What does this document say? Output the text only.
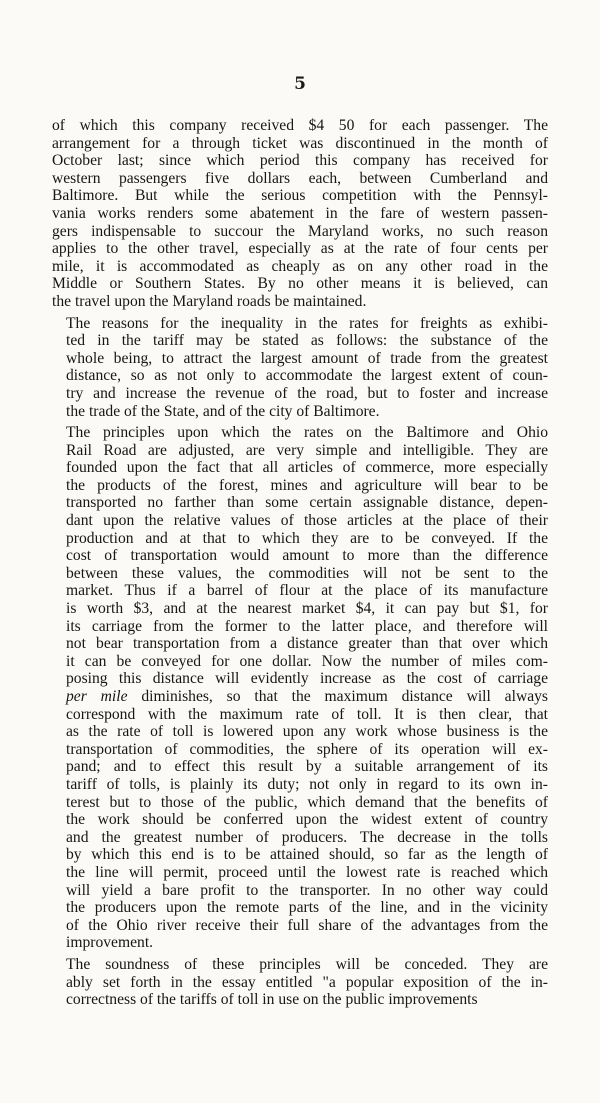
5

of which this company received $4 50 for each passenger. The
arrangement for a through ticket was discontinued in the month of
October last; since which period this company has received for
western passengers five dollars each, between Cumberland and
Baltimore. But while the serious competition with the Pennsyl-
vania works renders some abatement in the fare of western passen-
gers indispensable to succour the Maryland works, no such reason
applies to the other travel, especially as at the rate of four cents per
mile, it is accommodated as cheaply as on any other road in the
Middle or Southern States. By no other means it is believed, can
the travel upon the Maryland roads be maintained.

The reasons for the inequality in the rates for freights as exhibi-
ted in the tariff may be stated as follows: the substance of the
whole being, to attract the largest amount of trade from the greatest
distance, so as not only to accommodate the largest extent of coun-
try and increase the revenue of the road, but to foster and increase
the trade of the State, and of the city of Baltimore.

The principles upon which the rates on the Baltimore and Ohio
Rail Road are adjusted, are very simple and intelligible. They are
founded upon the fact that all articles of commerce, more especially
the products of the forest, mines and agriculture will bear to be
transported no farther than some certain assignable distance, depen-
dant upon the relative values of those articles at the place of their
production and at that to which they are to be conveyed. If the
cost of transportation would amount to more than the difference
between these values, the commodities will not be sent to the
market. Thus if a barrel of flour at the place of its manufacture
is worth $3, and at the nearest market $4, it can pay but $1, for
its carriage from the former to the latter place, and therefore will
not bear transportation from a distance greater than that over which
it can be conveyed for one dollar. Now the number of miles com-
posing this distance will evidently increase as the cost of carriage
per mile diminishes, so that the maximum distance will always
correspond with the maximum rate of toll. It is then clear, that
as the rate of toll is lowered upon any work whose business is the
transportation of commodities, the sphere of its operation will ex-
pand; and to effect this result by a suitable arrangement of its
tariff of tolls, is plainly its duty; not only in regard to its own in-
terest but to those of the public, which demand that the benefits of
the work should be conferred upon the widest extent of country
and the greatest number of producers. The decrease in the tolls
by which this end is to be attained should, so far as the length of
the line will permit, proceed until the lowest rate is reached which
will yield a bare profit to the transporter. In no other way could
the producers upon the remote parts of the line, and in the vicinity
of the Ohio river receive their full share of the advantages from the
improvement.

The soundness of these principles will be conceded. They are
ably set forth in the essay entitled "a popular exposition of the in-
correctness of the tariffs of toll in use on the public improvements
